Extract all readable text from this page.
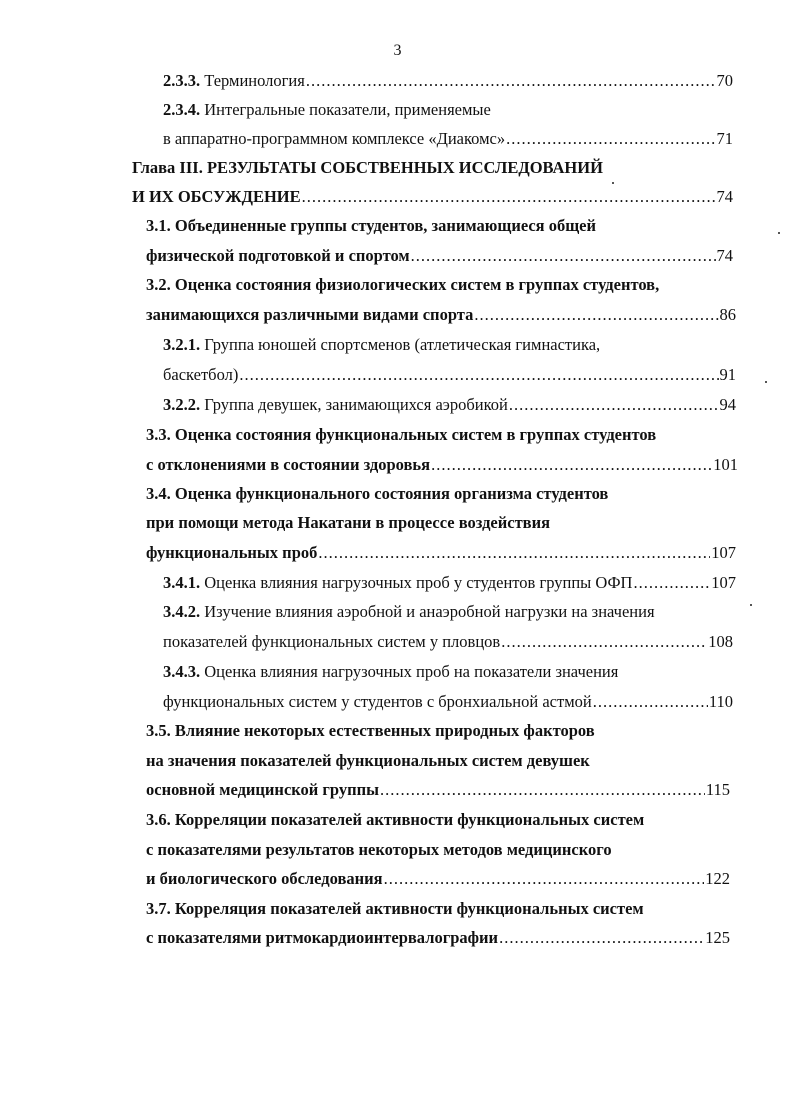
3
2.3.3. Терминология .....	70
2.3.4. Интегральные показатели, применяемые
в аппаратно-программном комплексе «Диакомс» .....	71
Глава III. РЕЗУЛЬТАТЫ СОБСТВЕННЫХ ИССЛЕДОВАНИЙ
И ИХ ОБСУЖДЕНИЕ .....	74
3.1. Объединенные группы студентов, занимающиеся общей
физической подготовкой и спортом .....	74
3.2. Оценка состояния физиологических систем в группах студентов,
занимающихся различными видами спорта .....	86
3.2.1. Группа юношей спортсменов (атлетическая гимнастика,
баскетбол) .....	91
3.2.2. Группа девушек, занимающихся аэробикой .....	94
3.3. Оценка состояния функциональных систем в группах студентов
с отклонениями в состоянии здоровья .....	101
3.4. Оценка функционального состояния организма студентов
при помощи метода Накатани в процессе воздействия
функциональных проб .....	107
3.4.1. Оценка влияния нагрузочных проб у студентов группы ОФП .....	107
3.4.2. Изучение влияния аэробной и анаэробной нагрузки на значения
показателей функциональных систем у пловцов .....	108
3.4.3. Оценка влияния нагрузочных проб на показатели значения
функциональных систем у студентов с бронхиальной астмой .....	110
3.5. Влияние некоторых естественных природных факторов
на значения показателей функциональных систем девушек
основной медицинской группы .....	115
3.6. Корреляции показателей активности функциональных систем
с показателями результатов некоторых методов медицинского
и биологического обследования .....	122
3.7. Корреляция показателей активности функциональных систем
с показателями ритмокардиоинтервалографии .....	125
